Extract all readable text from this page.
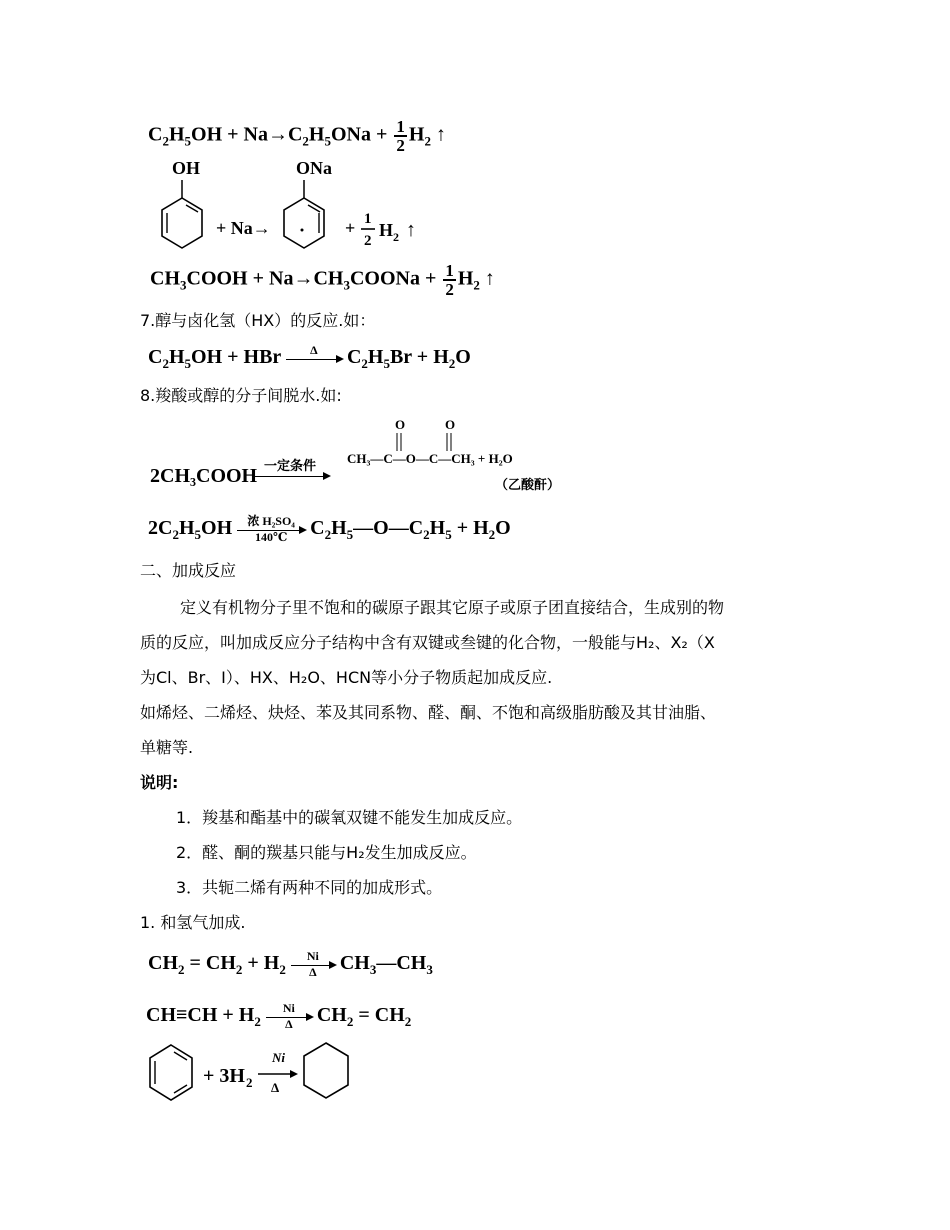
$C_2H_5OH + Na\to C_2H_5ONa + \frac{1}{2} H_2$ ↑
OH
+ Na→
ONa
+ 1
2
H 2 ↑
$CH_3COOH$ + $Na\to CH_3COONa + \frac{1}{2} H_2$ ↑
7.醇与卤化氢（HX）的反应.如：
$C_2H_5OH$ + HBr	Δ
	$C_2H_5Br + H_2O$
8.羧酸或醇的分子间脱水.如:
2CH₃COOH 一定条件
O	O
CH₃—C—O—C—CH₃ + H₂O
（乙酸酐）
$2C_2H_5OH$ 浓 H₂SO₄
140℃ $C_2H_5—O—C_2H_5 + H_2O$
二、加成反应
定义有机物分子里不饱和的碳原子跟其它原子或原子团直接结合，生成别的物
质的反应，叫加成反应分子结构中含有双键或叁键的化合物，一般能与H₂、X₂（X
为Cl、Br、I）、HX、H₂O、HCN等小分子物质起加成反应.
如烯烃、二烯烃、炔烃、苯及其同系物、醛、酮、不饱和高级脂肪酸及其甘油脂、
单糖等.
说明:
1．羧基和酯基中的碳氧双键不能发生加成反应。
2．醛、酮的羰基只能与H₂发生加成反应。
3．共轭二烯有两种不同的加成形式。
1. 和氢气加成.
$CH_2 = CH_2 + H_2 \frac{Ni}{\Delta}$ $CH_3—CH_3$
$CH\equiv CH + H_2 \frac{Ni}{\Delta} CH_2 = CH_2$
+ 3H 2
Ni
Δ
